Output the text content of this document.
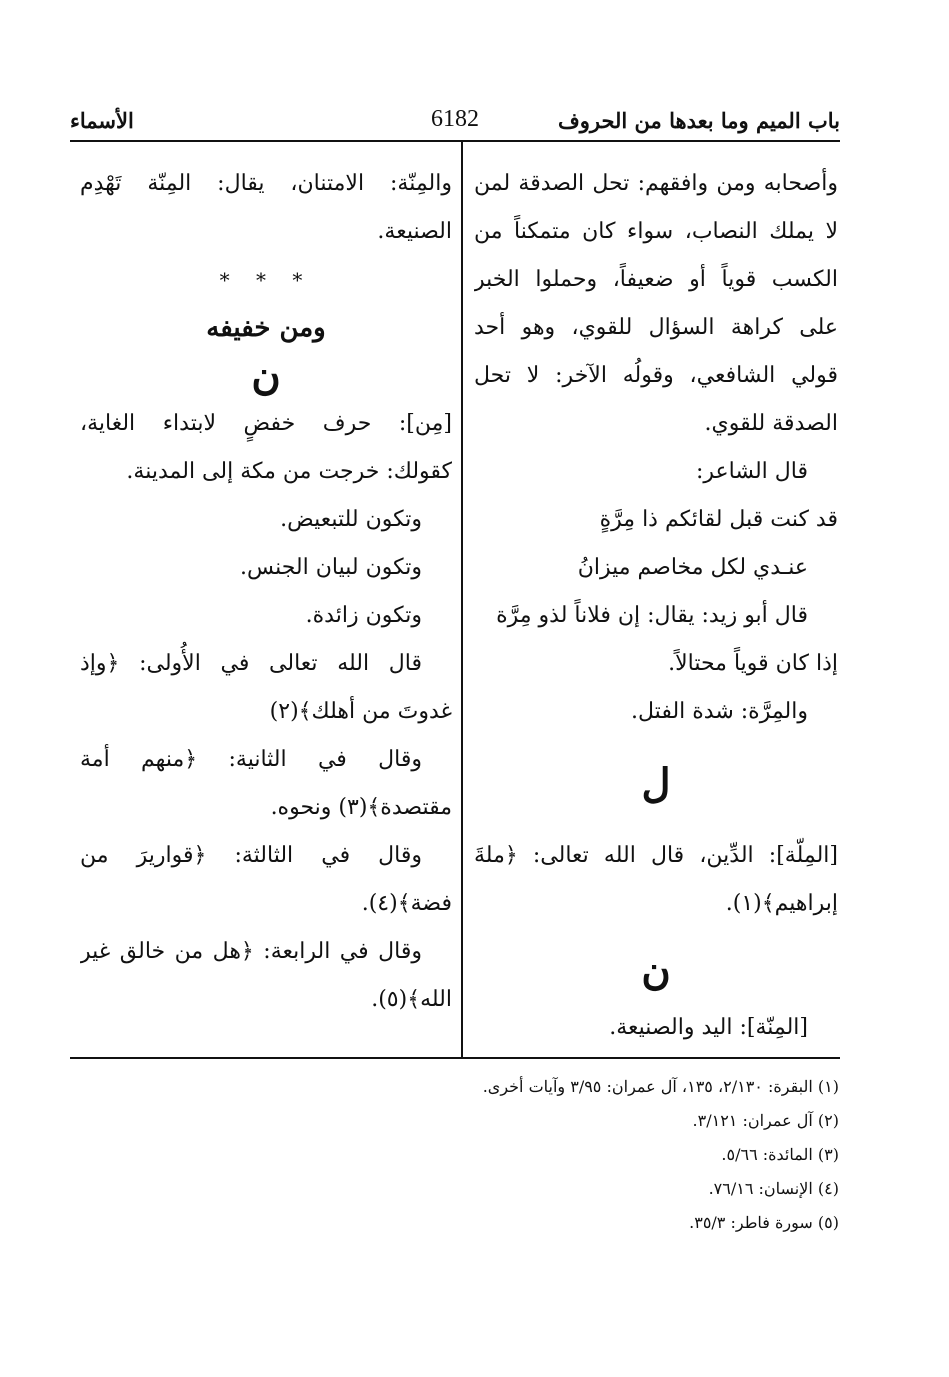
باب الميم وما بعدها من الحروف
6182
الأسماء
وأصحابه ومن وافقهم: تحل الصدقة لمن
لا يملك النصاب، سواء كان متمكناً من
الكسب قوياً أو ضعيفاً، وحملوا الخبر
على كراهة السؤال للقوي، وهو أحد
قولي الشافعي، وقولُه الآخر: لا تحل
الصدقة للقوي.
قال الشاعر:
قد كنت قبل لقائكم ذا مِرَّةٍ
عنـدي لكل مخاصم ميزانُ
قال أبو زيد: يقال: إن فلاناً لذو مِرَّة
إذا كان قوياً محتالاً.
والمِرَّة: شدة الفتل.
ل
[المِلّة]: الدِّين، قال الله تعالى: ﴿ملةَ
إبراهيم﴾(١).
ن
[المِنّة]: اليد والصنيعة.
والمِنّة: الامتنان، يقال: المِنّة تَهْدِم
الصنيعة.
* * *
ومن خفيفه
ن
[مِن]: حرف خفضٍ لابتداء الغاية،
كقولك: خرجت من مكة إلى المدينة.
وتكون للتبعيض.
وتكون لبيان الجنس.
وتكون زائدة.
قال الله تعالى في الأُولى: ﴿وإذ
غدوتَ من أهلك﴾(٢)
وقال في الثانية: ﴿منهم أمة
مقتصدة﴾(٣) ونحوه.
وقال في الثالثة: ﴿قواريرَ من
فضة﴾(٤).
وقال في الرابعة: ﴿هل من خالق غير
الله﴾(٥).
(١) البقرة: ٢/١٣٠، ١٣٥، آل عمران: ٣/٩٥ وآيات أخرى.
(٢) آل عمران: ٣/١٢١.
(٣) المائدة: ٥/٦٦.
(٤) الإنسان: ٧٦/١٦.
(٥) سورة فاطر: ٣٥/٣.
